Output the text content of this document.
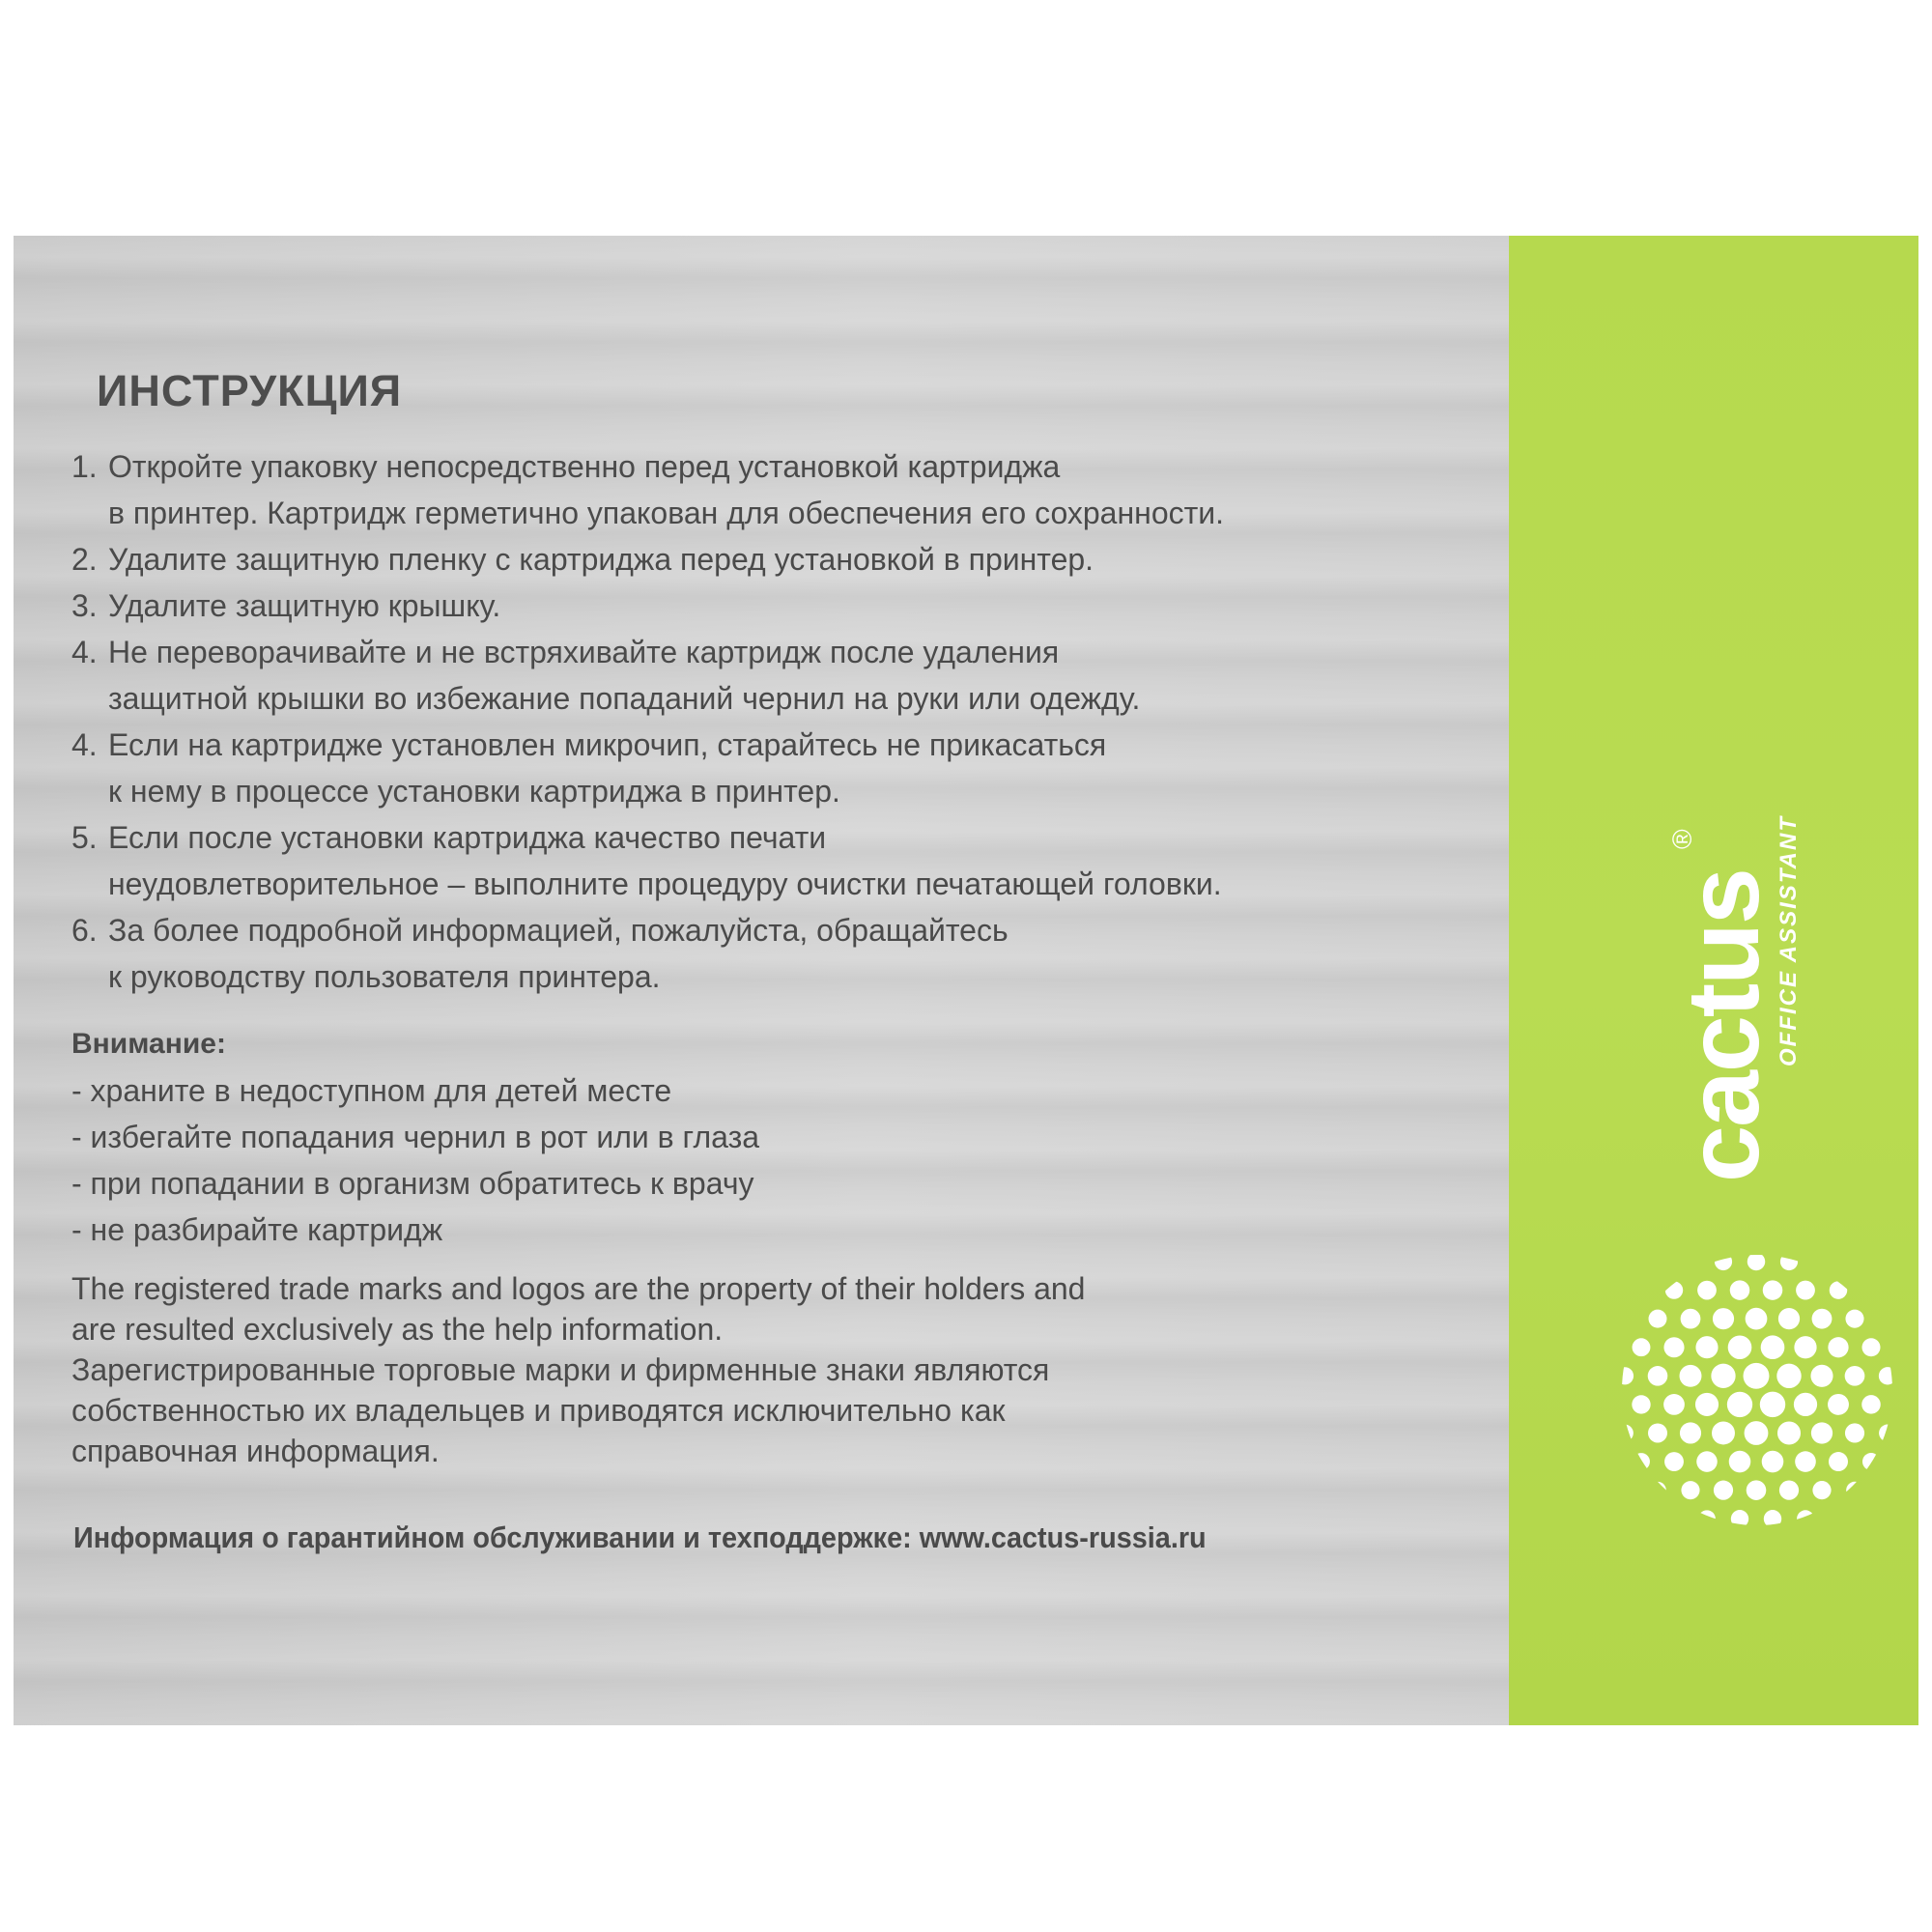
ИНСТРУКЦИЯ
1. Откройте упаковку непосредственно перед установкой картриджа
в принтер. Картридж герметично упакован для обеспечения его сохранности.
2. Удалите защитную пленку с картриджа перед установкой в принтер.
3. Удалите защитную крышку.
4. Не переворачивайте и не встряхивайте картридж после удаления
защитной крышки во избежание попаданий чернил на руки или одежду.
4. Если на картридже установлен микрочип, старайтесь не прикасаться
к нему в процессе установки картриджа в принтер.
5. Если после установки картриджа качество печати
неудовлетворительное – выполните процедуру очистки печатающей головки.
6. За более подробной информацией, пожалуйста, обращайтесь
к руководству пользователя принтера.
Внимание:
- храните в недоступном для детей месте
- избегайте попадания чернил в рот или в глаза
- при попадании в организм обратитесь к врачу
- не разбирайте картридж
The registered trade marks and logos are the property of their holders and
are resulted exclusively as the help information.
Зарегистрированные торговые марки и фирменные знаки являются
собственностью их владельцев и приводятся исключительно как
справочная информация.
Информация о гарантийном обслуживании и техподдержке: www.cactus-russia.ru
cactus
®	OFFICE ASSISTANT
